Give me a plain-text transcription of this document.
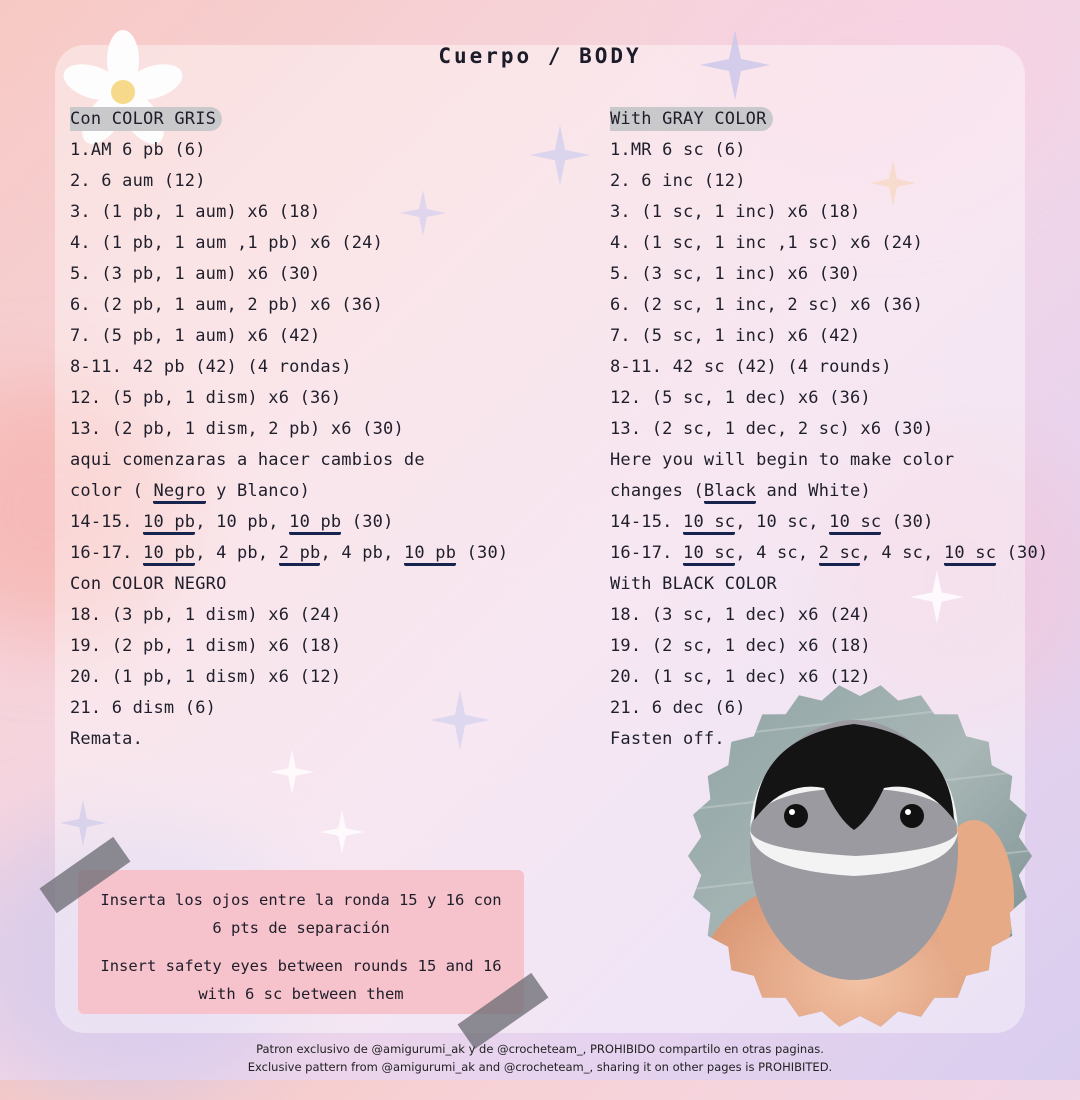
Cuerpo / BODY
Con COLOR GRIS
1.AM 6 pb (6)
2. 6 aum (12)
3. (1 pb, 1 aum) x6 (18)
4. (1 pb, 1 aum ,1 pb) x6 (24)
5. (3 pb, 1 aum) x6 (30)
6. (2 pb, 1 aum, 2 pb) x6 (36)
7. (5 pb, 1 aum) x6 (42)
8-11. 42 pb (42) (4 rondas)
12. (5 pb, 1 dism) x6 (36)
13. (2 pb, 1 dism, 2 pb) x6 (30)
aqui comenzaras a hacer cambios de
color ( Negro y Blanco)
14-15. 10 pb, 10 pb, 10 pb (30)
16-17. 10 pb, 4 pb, 2 pb, 4 pb, 10 pb (30)
Con COLOR NEGRO
18. (3 pb, 1 dism) x6 (24)
19. (2 pb, 1 dism) x6 (18)
20. (1 pb, 1 dism) x6 (12)
21. 6 dism (6)
Remata.
With GRAY COLOR
1.MR 6 sc (6)
2. 6 inc (12)
3. (1 sc, 1 inc) x6 (18)
4. (1 sc, 1 inc ,1 sc) x6 (24)
5. (3 sc, 1 inc) x6 (30)
6. (2 sc, 1 inc, 2 sc) x6 (36)
7. (5 sc, 1 inc) x6 (42)
8-11. 42 sc (42) (4 rounds)
12. (5 sc, 1 dec) x6 (36)
13. (2 sc, 1 dec, 2 sc) x6 (30)
Here you will begin to make color
changes (Black and White)
14-15. 10 sc, 10 sc, 10 sc (30)
16-17. 10 sc, 4 sc, 2 sc, 4 sc, 10 sc (30)
With BLACK COLOR
18. (3 sc, 1 dec) x6 (24)
19. (2 sc, 1 dec) x6 (18)
20. (1 sc, 1 dec) x6 (12)
21. 6 dec (6)
Fasten off.

Inserta los ojos entre la ronda 15 y 16 con 6 pts de separación

Insert safety eyes between rounds 15 and 16 with 6 sc between them

Patron exclusivo de @amigurumi_ak y de @crocheteam_, PROHIBIDO compartilo en otras paginas.
Exclusive pattern from @amigurumi_ak and @crocheteam_, sharing it on other pages is PROHIBITED.
